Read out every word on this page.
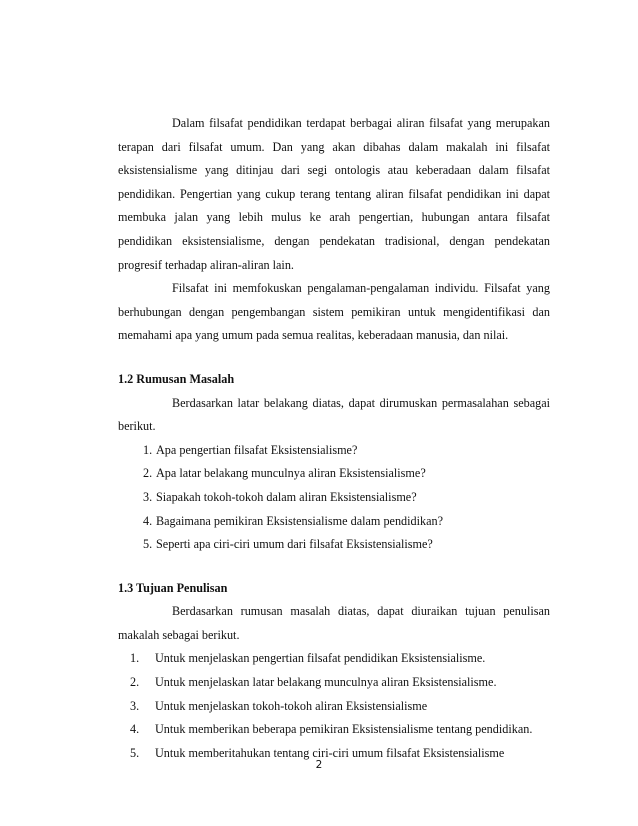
Dalam filsafat pendidikan terdapat berbagai aliran filsafat yang merupakan terapan dari filsafat umum. Dan yang akan dibahas dalam makalah ini filsafat eksistensialisme yang ditinjau dari segi ontologis atau keberadaan dalam filsafat pendidikan. Pengertian yang cukup terang tentang aliran filsafat pendidikan ini dapat membuka jalan yang lebih mulus ke arah pengertian, hubungan antara filsafat pendidikan eksistensialisme, dengan pendekatan tradisional, dengan pendekatan progresif terhadap aliran-aliran lain.

Filsafat ini memfokuskan pengalaman-pengalaman individu. Filsafat yang berhubungan dengan pengembangan sistem pemikiran untuk mengidentifikasi dan memahami apa yang umum pada semua realitas, keberadaan manusia, dan nilai.

1.2 Rumusan Masalah

Berdasarkan latar belakang diatas, dapat dirumuskan permasalahan sebagai berikut.

1. Apa pengertian filsafat Eksistensialisme?
2. Apa latar belakang munculnya aliran Eksistensialisme?
3. Siapakah tokoh-tokoh dalam aliran Eksistensialisme?
4. Bagaimana pemikiran Eksistensialisme dalam pendidikan?
5. Seperti apa ciri-ciri umum dari filsafat Eksistensialisme?
1.3 Tujuan Penulisan

Berdasarkan rumusan masalah diatas, dapat diuraikan tujuan penulisan makalah sebagai berikut.

1. Untuk menjelaskan pengertian filsafat pendidikan Eksistensialisme.
2. Untuk menjelaskan latar belakang munculnya aliran Eksistensialisme.
3. Untuk menjelaskan tokoh-tokoh aliran Eksistensialisme
4. Untuk memberikan beberapa pemikiran Eksistensialisme tentang pendidikan.
5. Untuk memberitahukan tentang ciri-ciri umum filsafat Eksistensialisme
2
